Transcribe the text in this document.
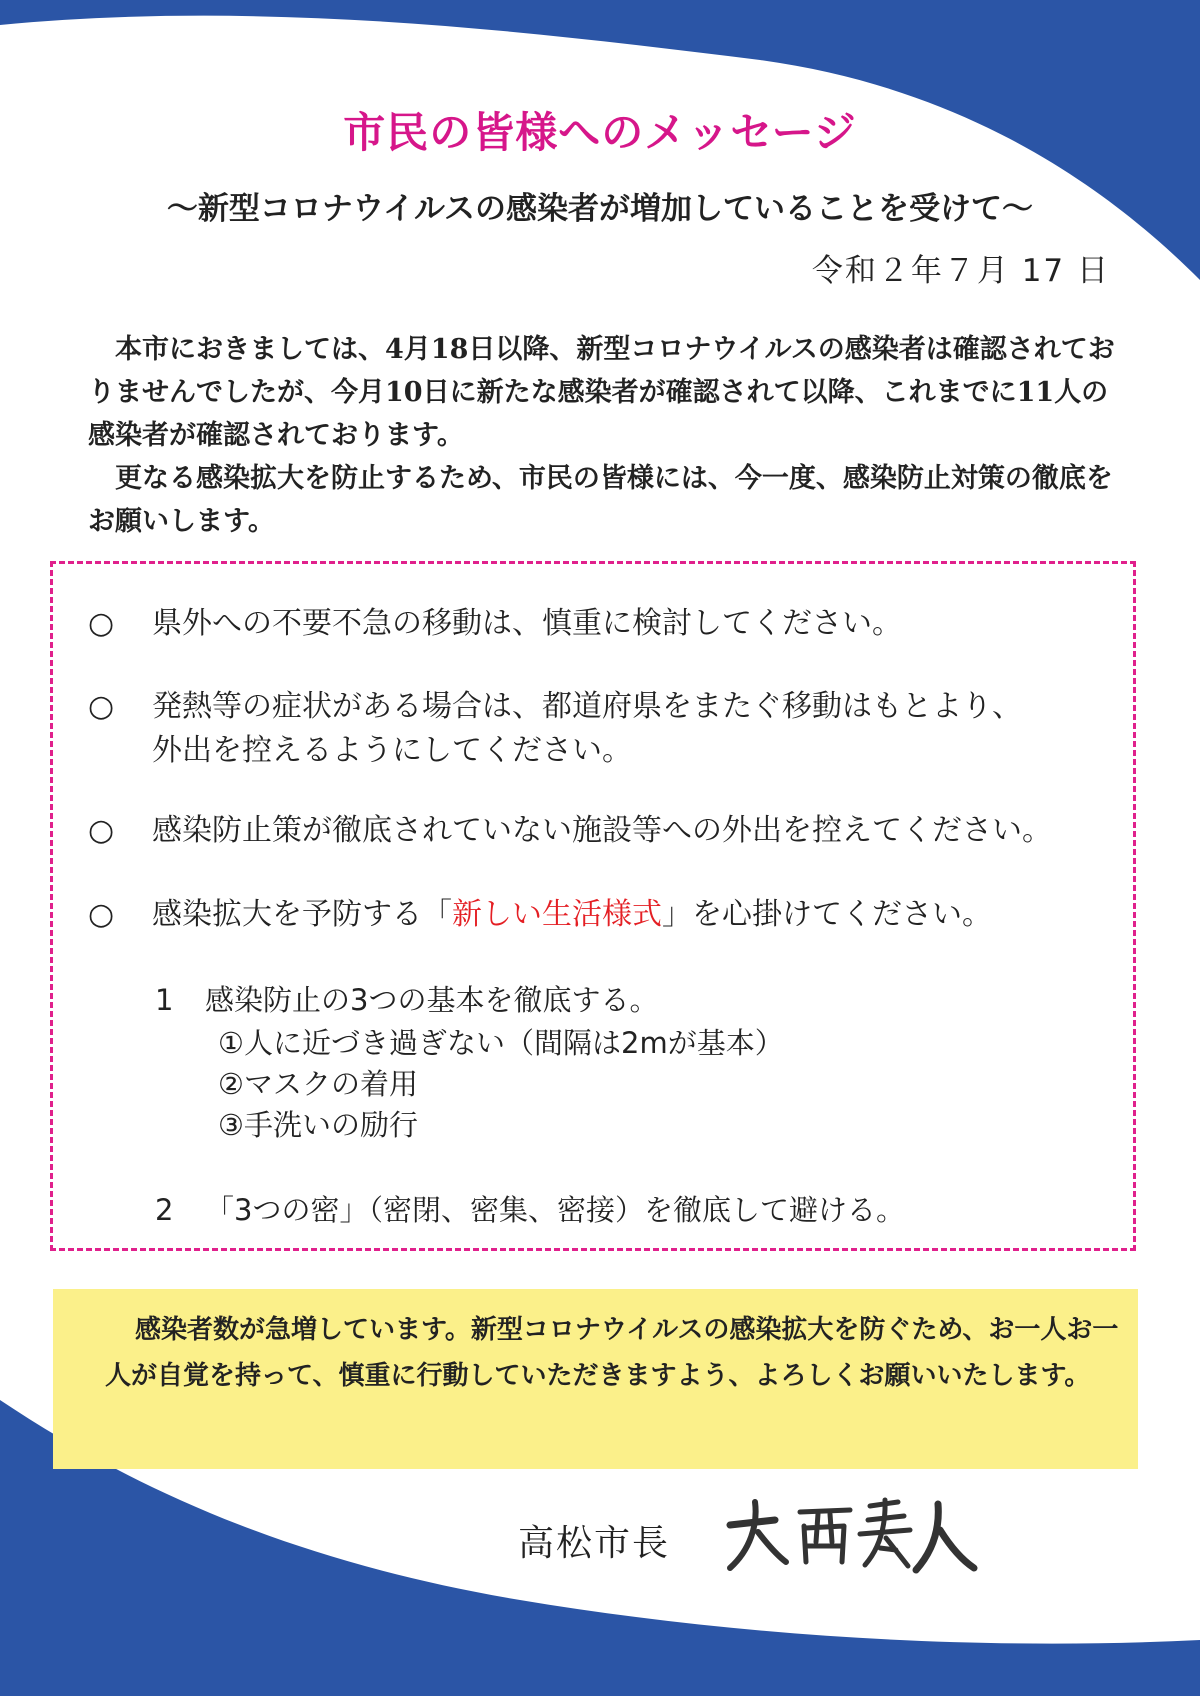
市民の皆様へのメッセージ
～新型コロナウイルスの感染者が増加していることを受けて～
令和２年７月 17 日

本市におきましては、4月18日以降、新型コロナウイルスの感染者は確認されておりませんでしたが、今月10日に新たな感染者が確認されて以降、これまでに11人の感染者が確認されております。

更なる感染拡大を防止するため、市民の皆様には、今一度、感染防止対策の徹底をお願いします。

○ 県外への不要不急の移動は、慎重に検討してください。
○ 発熱等の症状がある場合は、都道府県をまたぐ移動はもとより、
外出を控えるようにしてください。
○ 感染防止策が徹底されていない施設等への外出を控えてください。
○ 感染拡大を予防する「新しい生活様式」を心掛けてください。
1 感染防止の3つの基本を徹底する。
①人に近づき過ぎない（間隔は2mが基本）
②マスクの着用
③手洗いの励行
2 「3つの密」（密閉、密集、密接）を徹底して避ける。

感染者数が急増しています。新型コロナウイルスの感染拡大を防ぐため、お一人お一人が自覚を持って、慎重に行動していただきますよう、よろしくお願いいたします。

高松市長
